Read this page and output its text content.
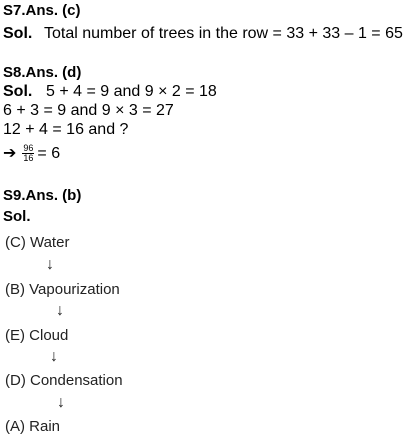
S7.Ans. (c)
Sol. Total number of trees in the row = 33 + 33 – 1 = 65
S8.Ans. (d)
Sol. 5 + 4 = 9 and 9 × 2 = 18
6 + 3 = 9 and 9 × 3 = 27
12 + 4 = 16 and ?
➔ $\frac{96}{16} = 6$
S9.Ans. (b)
Sol.
(C) Water
↓
(B) Vapourization
↓
(E) Cloud
↓
(D) Condensation
↓
(A) Rain
